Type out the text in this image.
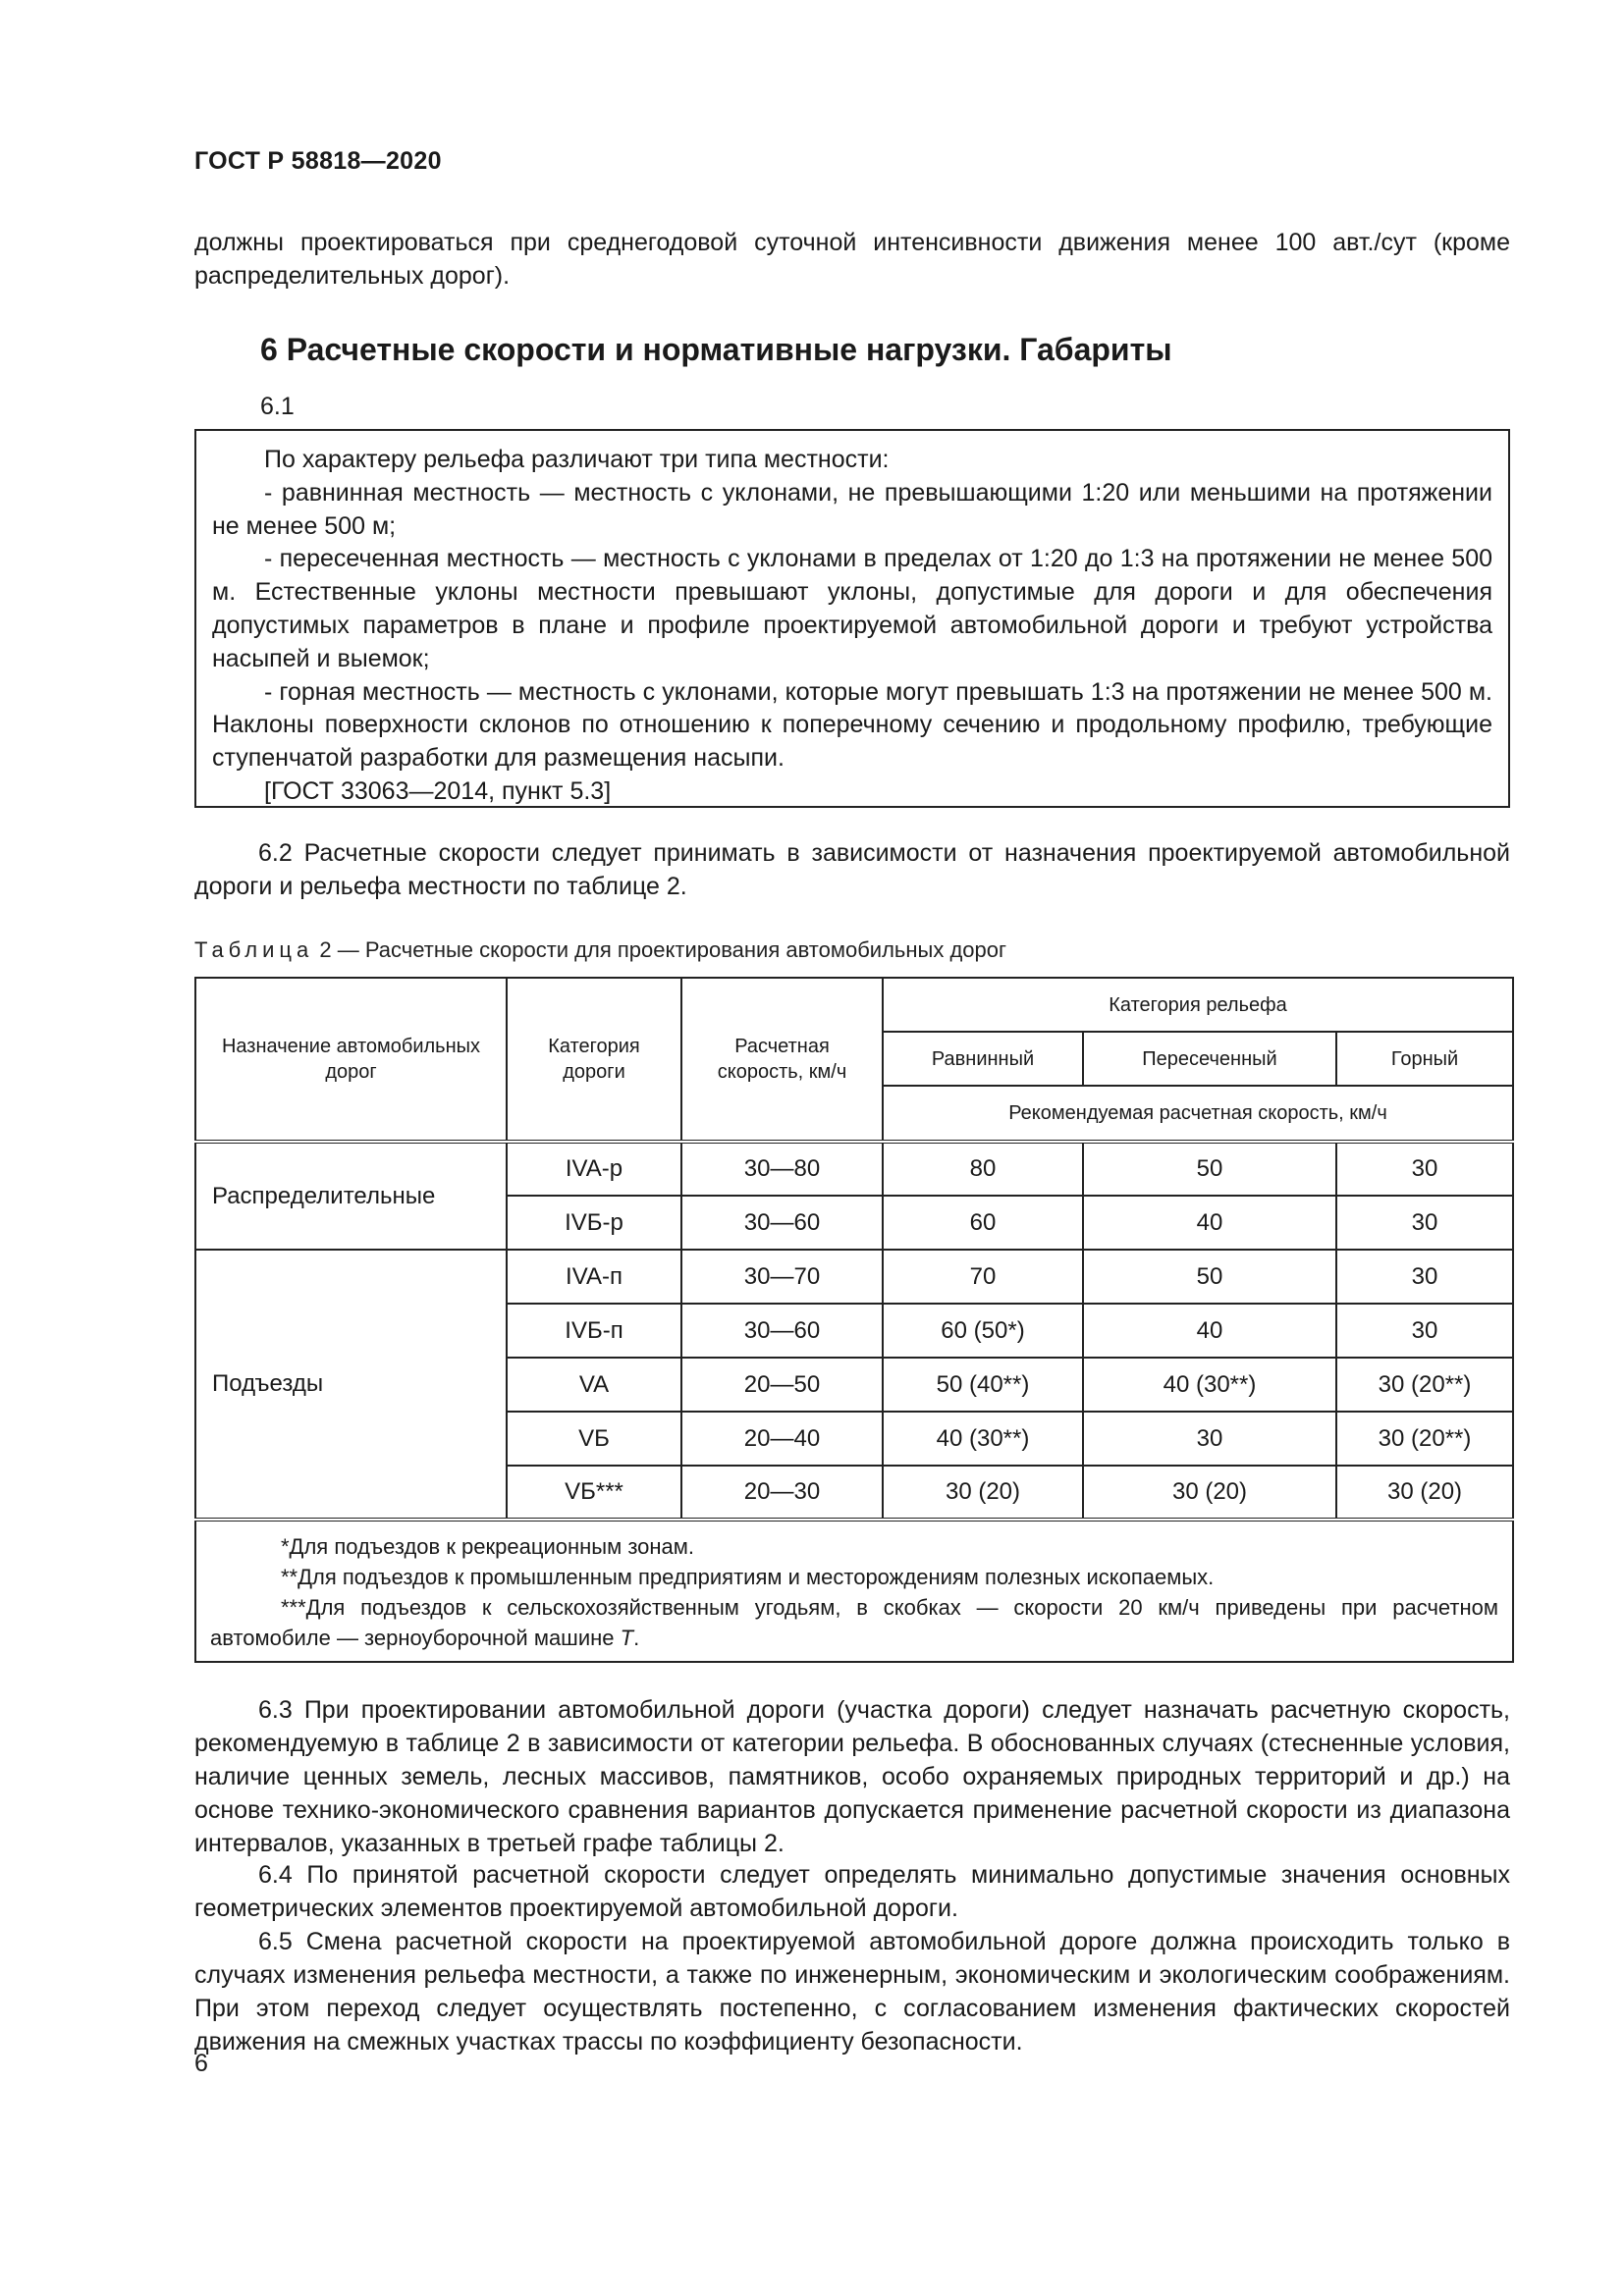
ГОСТ Р 58818—2020
должны проектироваться при среднегодовой суточной интенсивности движения менее 100 авт./сут (кроме распределительных дорог).
6 Расчетные скорости и нормативные нагрузки. Габариты
6.1

По характеру рельефа различают три типа местности:

- равнинная местность — местность с уклонами, не превышающими 1:20 или меньшими на протяжении не менее 500 м;

- пересеченная местность — местность с уклонами в пределах от 1:20 до 1:3 на протяжении не менее 500 м. Естественные уклоны местности превышают уклоны, допустимые для дороги и для обеспечения допустимых параметров в плане и профиле проектируемой автомобильной дороги и требуют устройства насыпей и выемок;

- горная местность — местность с уклонами, которые могут превышать 1:3 на протяжении не менее 500 м. Наклоны поверхности склонов по отношению к поперечному сечению и продольному профилю, требующие ступенчатой разработки для размещения насыпи.

[ГОСТ 33063—2014, пункт 5.3]

6.2 Расчетные скорости следует принимать в зависимости от назначения проектируемой автомобильной дороги и рельефа местности по таблице 2.
Таблица 2 — Расчетные скорости для проектирования автомобильных дорог
Назначение автомобильных дорог	Категория дороги	Расчетная скорость, км/ч	Категория рельефа		
			Равнинный	Пересеченный	Горный
			Рекомендуемая расчетная скорость, км/ч		
Распределительные	IVA-р	30—80	80	50	30
	IVБ-р	30—60	60	40	30
Подъезды	IVA-п	30—70	70	50	30
	IVБ-п	30—60	60 (50*)	40	30
	VA	20—50	50 (40**)	40 (30**)	30 (20**)
	VБ	20—40	40 (30**)	30	30 (20**)
	VБ***	20—30	30 (20)	30 (20)	30 (20)

*Для подъездов к рекреационным зонам.
**Для подъездов к промышленным предприятиям и месторождениям полезных ископаемых.
***Для подъездов к сельскохозяйственным угодьям, в скобках — скорости 20 км/ч приведены при расчетном автомобиле — зерноуборочной машине T.					
6.3 При проектировании автомобильной дороги (участка дороги) следует назначать расчетную скорость, рекомендуемую в таблице 2 в зависимости от категории рельефа. В обоснованных случаях (стесненные условия, наличие ценных земель, лесных массивов, памятников, особо охраняемых природных территорий и др.) на основе технико-экономического сравнения вариантов допускается применение расчетной скорости из диапазона интервалов, указанных в третьей графе таблицы 2.
6.4 По принятой расчетной скорости следует определять минимально допустимые значения основных геометрических элементов проектируемой автомобильной дороги.
6.5 Смена расчетной скорости на проектируемой автомобильной дороге должна происходить только в случаях изменения рельефа местности, а также по инженерным, экономическим и экологическим соображениям. При этом переход следует осуществлять постепенно, с согласованием изменения фактических скоростей движения на смежных участках трассы по коэффициенту безопасности.
6
